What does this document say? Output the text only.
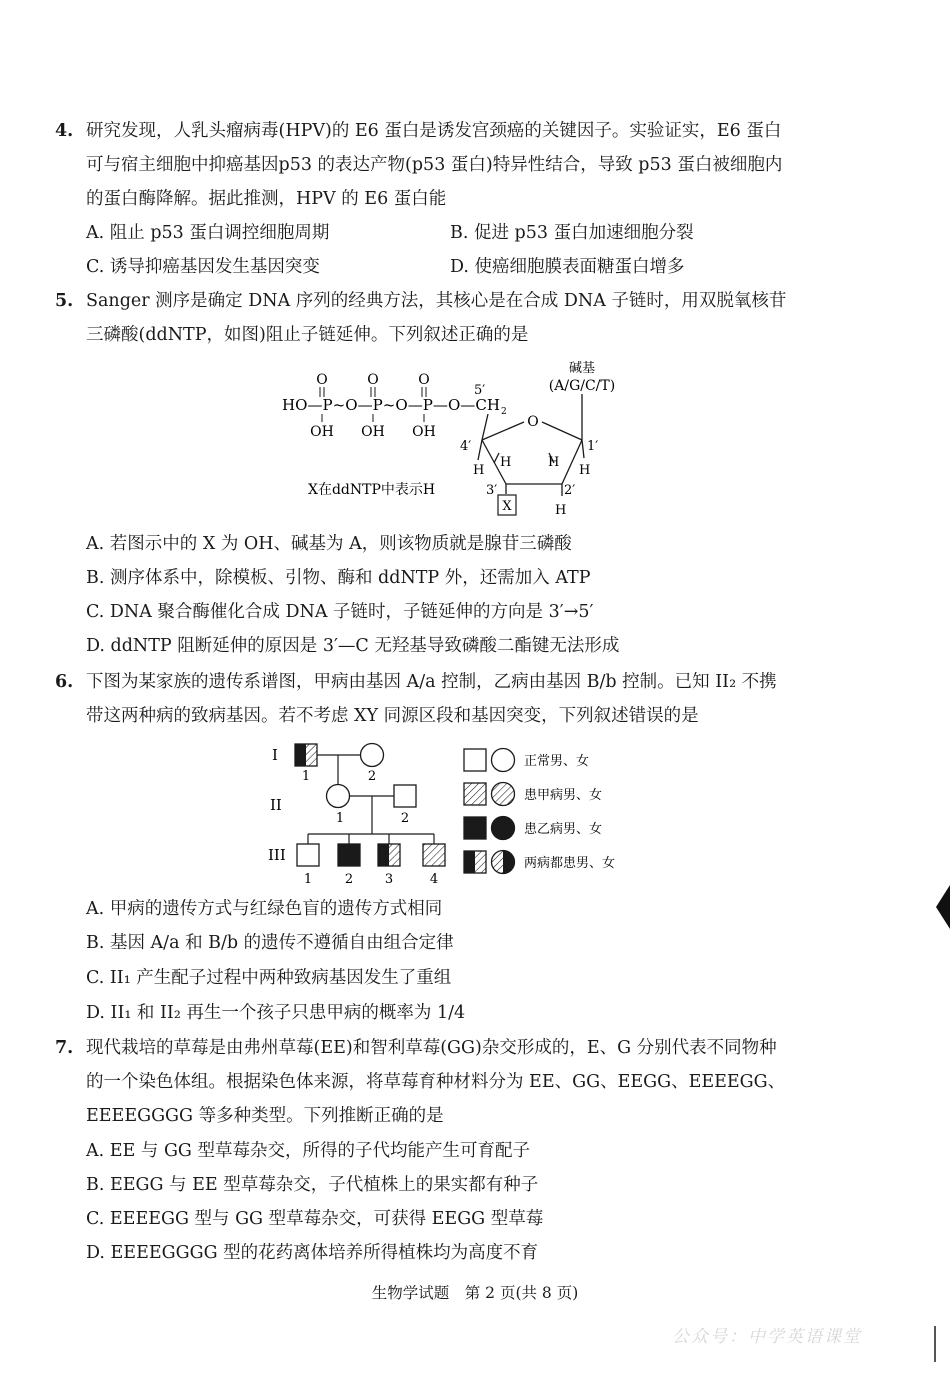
4. 研究发现，人乳头瘤病毒(HPV)的 E6 蛋白是诱发宫颈癌的关键因子。实验证实，E6 蛋白
可与宿主细胞中抑癌基因p53 的表达产物(p53 蛋白)特异性结合，导致 p53 蛋白被细胞内
的蛋白酶降解。据此推测，HPV 的 E6 蛋白能
A. 阻止 p53 蛋白调控细胞周期	B. 促进 p53 蛋白加速细胞分裂
C. 诱导抑癌基因发生基因突变	D. 使癌细胞膜表面糖蛋白增多
5. Sanger 测序是确定 DNA 序列的经典方法，其核心是在合成 DNA 子链时，用双脱氧核苷
三磷酸(ddNTP，如图)阻止子链延伸。下列叙述正确的是
碱基
(A/G/C/T)
O	O	O
5′
HO—P~O—P~O—P—O—CH 2
OH OH OH
O
4′	1′
H
H	H
H
3′	2′
X	H
X在ddNTP中表示H
A. 若图示中的 X 为 OH、碱基为 A，则该物质就是腺苷三磷酸
B. 测序体系中，除模板、引物、酶和 ddNTP 外，还需加入 ATP
C. DNA 聚合酶催化合成 DNA 子链时，子链延伸的方向是 3′→5′
D. ddNTP 阻断延伸的原因是 3′—C 无羟基导致磷酸二酯键无法形成
6. 下图为某家族的遗传系谱图，甲病由基因 A/a 控制，乙病由基因 B/b 控制。已知 II₂ 不携
带这两种病的致病基因。若不考虑 XY 同源区段和基因突变，下列叙述错误的是
I
II
III
1	2
1	2
1	2 3	4
正常男、女
患甲病男、女
患乙病男、女
两病都患男、女
A. 甲病的遗传方式与红绿色盲的遗传方式相同
B. 基因 A/a 和 B/b 的遗传不遵循自由组合定律
C. II₁ 产生配子过程中两种致病基因发生了重组
D. II₁ 和 II₂ 再生一个孩子只患甲病的概率为 1/4
7. 现代栽培的草莓是由弗州草莓(EE)和智利草莓(GG)杂交形成的，E、G 分别代表不同物种
的一个染色体组。根据染色体来源，将草莓育种材料分为 EE、GG、EEGG、EEEEGG、
EEEEGGGG 等多种类型。下列推断正确的是
A. EE 与 GG 型草莓杂交，所得的子代均能产生可育配子
B. EEGG 与 EE 型草莓杂交，子代植株上的果实都有种子
C. EEEEGG 型与 GG 型草莓杂交，可获得 EEGG 型草莓
D. EEEEGGGG 型的花药离体培养所得植株均为高度不育
生物学试题　第 2 页(共 8 页)
公众号：中学英语课堂
